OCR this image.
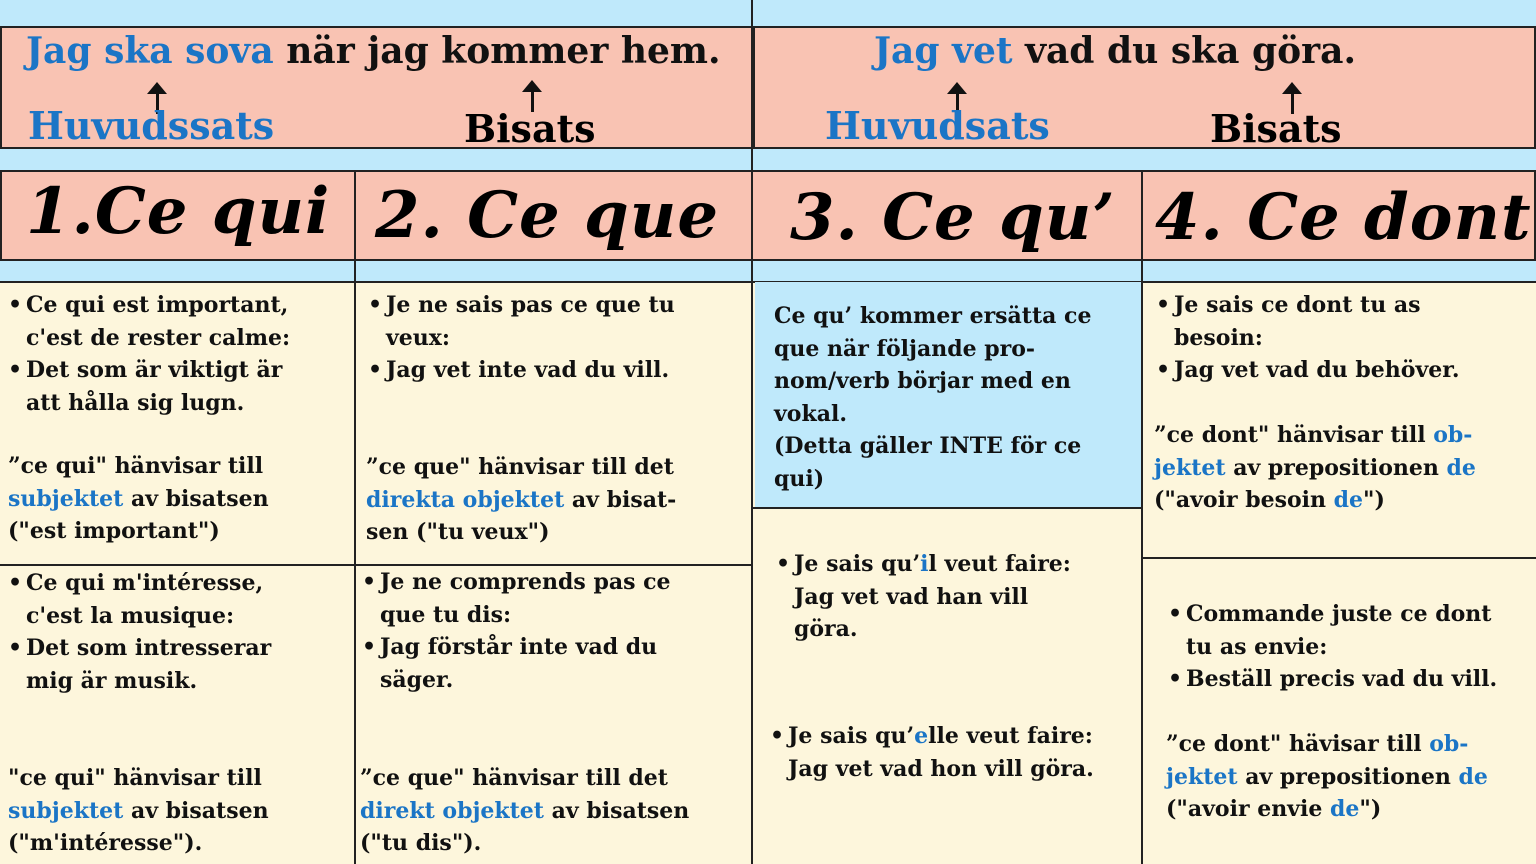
Jag ska sova när jag kommer hem.
Huvudssats	Bisats
Jag vet vad du ska göra.
Huvudsats	Bisats
1.Ce qui 2. Ce que 3. Ce qu’ 4. Ce dont
• Ce qui est important,
c'est de rester calme:
• Det som är viktigt är
att hålla sig lugn.
”ce qui" hänvisar till
subjektet av bisatsen
("est important")
• Ce qui m'intéresse,
c'est la musique:
• Det som intresserar
mig är musik.
"ce qui" hänvisar till
subjektet av bisatsen
("m'intéresse").
• Je ne sais pas ce que tu
veux:
• Jag vet inte vad du vill.
”ce que" hänvisar till det
direkta objektet av bisat-
sen ("tu veux")
• Je ne comprends pas ce
que tu dis:
• Jag förstår inte vad du
säger.
”ce que" hänvisar till det
direkt objektet av bisatsen
("tu dis").
Ce qu’ kommer ersätta ce
que när följande pro-
nom/verb börjar med en
vokal.
(Detta gäller INTE för ce
qui)
• Je sais qu’il veut faire:
Jag vet vad han vill
göra.
• Je sais qu’elle veut faire:
Jag vet vad hon vill göra.
• Je sais ce dont tu as
besoin:
• Jag vet vad du behöver.
”ce dont" hänvisar till ob-
jektet av prepositionen de
("avoir besoin de")
• Commande juste ce dont
tu as envie:
• Beställ precis vad du vill.
”ce dont" hävisar till ob-
jektet av prepositionen de
("avoir envie de")
